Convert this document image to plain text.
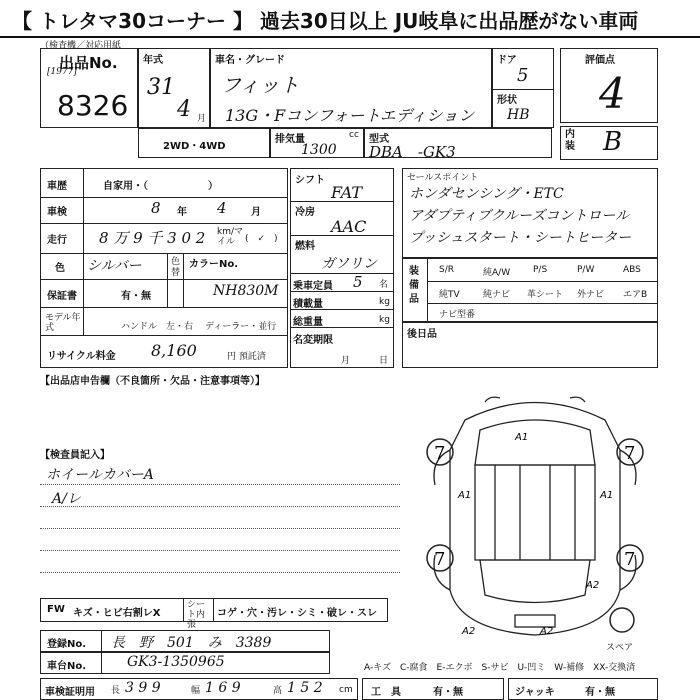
【 トレタマ30コーナー 】 過去30日以上 JU岐阜に出品歴がない車両
（検査機／対応用紙
出品No.
[1977]
8326
年式
31
4 月
車名・グレード
フィット
13G・Fコンフォートエディション
ドア
5
形状
HB
評価点
4
内装 B
2WD・4WD
排気量	cc
1300
型式
DBA　-GK3
車歴	自家用・（　　　　　　）
車検	8 年 4 月
走行 8 万 9 千 3 0 2 km/マイル	(　✓　)
色 シルバー	色替
カラーNo.
NH830M
保証書	有・無
モデル年式	ハンドル　左・右 ディーラー・並行
リサイクル料金 8,160	円 預託済
シフト
FAT
冷房
AAC
燃料
ガソリン
乗車定員 5 名
積載量	kg
総重量	kg
名変期限
月	日
セールスポイント
ホンダセンシング・ETC
アダプティブクルーズコントロール
プッシュスタート・シートヒーター
装備品
S/R	純A/W	P/S	P/W	ABS
純TV	純ナビ 革シート 外ナビ エアB
ナビ型番
後日品
【出品店申告欄（不良箇所・欠品・注意事項等）】
【検査員記入】
ホイールカバーA
A/レ
7	7
7	7
A1
A1	A1
A2
A2	A2
スペア
FW キズ・ヒビ右割レX
シート内張
コゲ・穴・汚レ・シミ・破レ・スレ
登録No. 長　野　501　み　3389
車台No.	GK3-1350965	A-キズ　C-腐食　E-エクボ　S-サビ　U-凹ミ　W-補修　XX-交換済
車検証明用 長 3 9 9	幅 1 6 9	高 1 5 2 cm 工　具	有・無	ジャッキ	有・無
